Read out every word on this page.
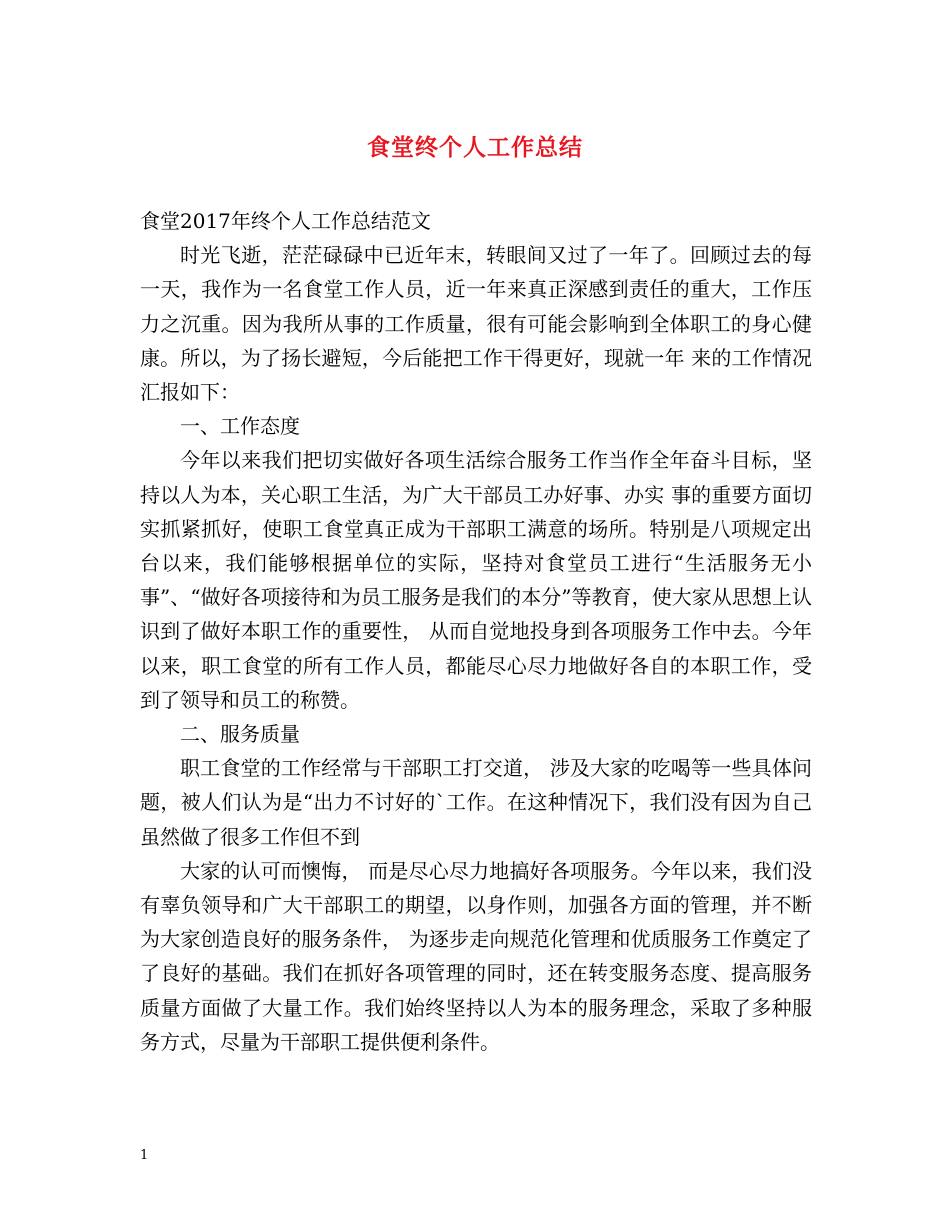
食堂终个人工作总结

食堂2017年终个人工作总结范文

时光飞逝，茫茫碌碌中已近年末，转眼间又过了一年了。回顾过去的每一天，我作为一名食堂工作人员，近一年来真正深感到责任的重大，工作压力之沉重。因为我所从事的工作质量，很有可能会影响到全体职工的身心健康。所以，为了扬长避短，今后能把工作干得更好，现就一年 来的工作情况汇报如下：

一、工作态度

今年以来我们把切实做好各项生活综合服务工作当作全年奋斗目标，坚持以人为本，关心职工生活，为广大干部员工办好事、办实 事的重要方面切实抓紧抓好，使职工食堂真正成为干部职工满意的场所。特别是八项规定出台以来，我们能够根据单位的实际，坚持对食堂员工进行“生活服务无小事”、“做好各项接待和为员工服务是我们的本分”等教育，使大家从思想上认识到了做好本职工作的重要性， 从而自觉地投身到各项服务工作中去。今年以来，职工食堂的所有工作人员，都能尽心尽力地做好各自的本职工作，受到了领导和员工的称赞。

二、服务质量

职工食堂的工作经常与干部职工打交道， 涉及大家的吃喝等一些具体问题，被人们认为是“出力不讨好的`工作。在这种情况下，我们没有因为自己虽然做了很多工作但不到

大家的认可而懊悔， 而是尽心尽力地搞好各项服务。今年以来，我们没有辜负领导和广大干部职工的期望，以身作则，加强各方面的管理，并不断为大家创造良好的服务条件， 为逐步走向规范化管理和优质服务工作奠定了了良好的基础。我们在抓好各项管理的同时，还在转变服务态度、提高服务质量方面做了大量工作。我们始终坚持以人为本的服务理念，采取了多种服务方式，尽量为干部职工提供便利条件。

1
